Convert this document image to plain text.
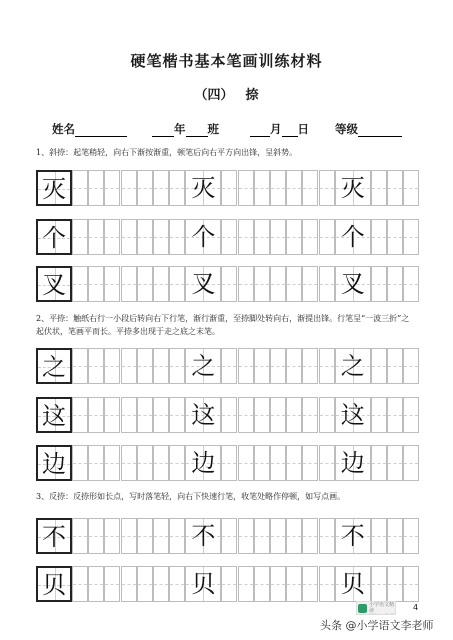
硬笔楷书基本笔画训练材料
（四） 捺
姓名	年 班	月 日 等级
1、斜捺：起笔稍轻，向右下渐按渐重，顿笔后向右平方向出锋，呈斜势。
灭	灭	灭
个	个	个
叉	叉	叉
2、平捺：触纸右行一小段后转向右下行笔，渐行渐重，至捺脚处转向右，渐提出锋。行笔呈“一波三折”之起伏状，笔画平而长。平捺多出现于走之底之末笔。
之	之	之
这	这	这
边	边	边
3、反捺：反捺形如长点，写时落笔轻，向右下快速行笔，收笔处略作停顿，如写点画。
不	不	不
贝	贝	贝
小学语文精读	4
头条 @小学语文李老师
